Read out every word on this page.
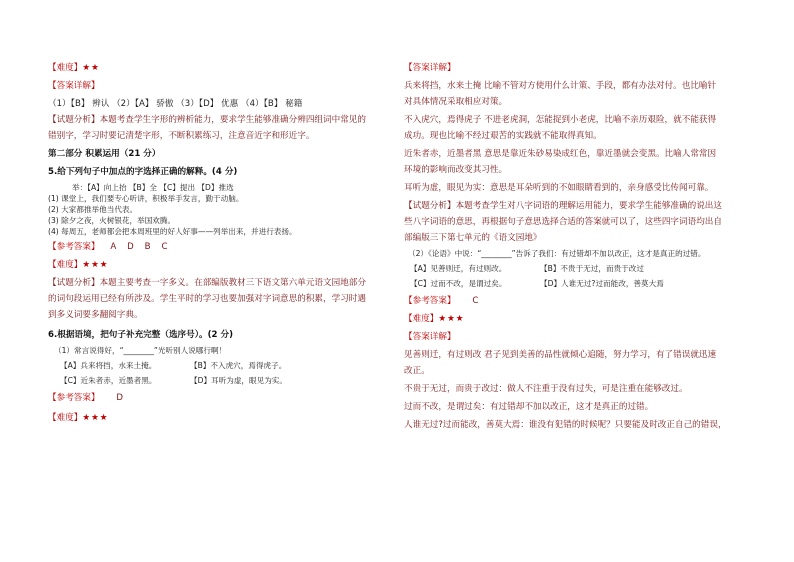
【难度】★★

【答案详解】

（1）【B】 辨认 （2）【A】 骄傲 （3）【D】 优惠 （4）【B】 秘籍

【试题分析】本题考查学生字形的辨析能力，要求学生能够准确分辨四组词中常见的

错别字，学习时要记清楚字形，不断积累练习，注意音近字和形近字。

第二部分 积累运用（21 分）

5.给下列句子中加点的字选择正确的解释。(4 分)

举：【A】向上抬 【B】全 【C】提出 【D】推选

(1) 课堂上，我们要专心听讲，积极举手发言，勤于动脑。

(2) 大家都推举他当代表。

(3) 除夕之夜，火树银花，举国欢腾。

(4) 每周五，老师都会把本周班里的好人好事——列举出来，并进行表扬。

【参考答案】 A    D    B    C

【难度】★★★

【试题分析】本题主要考查一字多义。在部编版教材三下语文第六单元语文园地部分

的词句段运用已经有所涉及。学生平时的学习也要加强对字词意思的积累，学习时遇

到多义词要多翻阅字典。

6.根据语境，把句子补充完整（选序号）。(2 分)

（1）常言说得好，“________”光听别人说哪行啊！

【A】兵来将挡，水来土掩。	【B】不入虎穴，焉得虎子。

【C】近朱者赤，近墨者黑。	【D】耳听为虚，眼见为实。

【参考答案】 D

【难度】★★★

【答案详解】

兵来将挡，水来土掩 比喻不管对方使用什么计策、手段，都有办法对付。也比喻针

对具体情况采取相应对策。

不入虎穴，焉得虎子 不进老虎洞，怎能捉到小老虎，比喻不亲历艰险，就不能获得

成功。现也比喻不经过艰苦的实践就不能取得真知。

近朱者赤，近墨者黑 意思是靠近朱砂易染成红色，靠近墨就会变黑。比喻人常常因

环境的影响而改变其习性。

耳听为虚，眼见为实：意思是耳朵听到的不如眼睛看到的，亲身感受比传闻可靠。

【试题分析】本题考查学生对八字词语的理解运用能力，要求学生能够准确的说出这

些八字词语的意思，再根据句子意思选择合适的答案就可以了，这些四字词语均出自

部编版三下第七单元的《语文园地》

（2）《论语》中说：“________”告诉了我们：有过错却不加以改正，这才是真正的过错。

【A】见善则迁，有过则改。	【B】不贵于无过，而贵于改过

【C】过而不改，是谓过矣。	【D】人谁无过?过而能改，善莫大焉

【参考答案】 C

【难度】★★★

【答案详解】

见善则迁，有过则改 君子见到美善的品性就倾心追随，努力学习，有了错误就迅速

改正。

不贵于无过，而贵于改过：做人不注重于没有过失，可是注重在能够改过。

过而不改，是谓过矣：有过错却不加以改正，这才是真正的过错。

人谁无过?过而能改，善莫大焉：谁没有犯错的时候呢？只要能及时改正自己的错误，
